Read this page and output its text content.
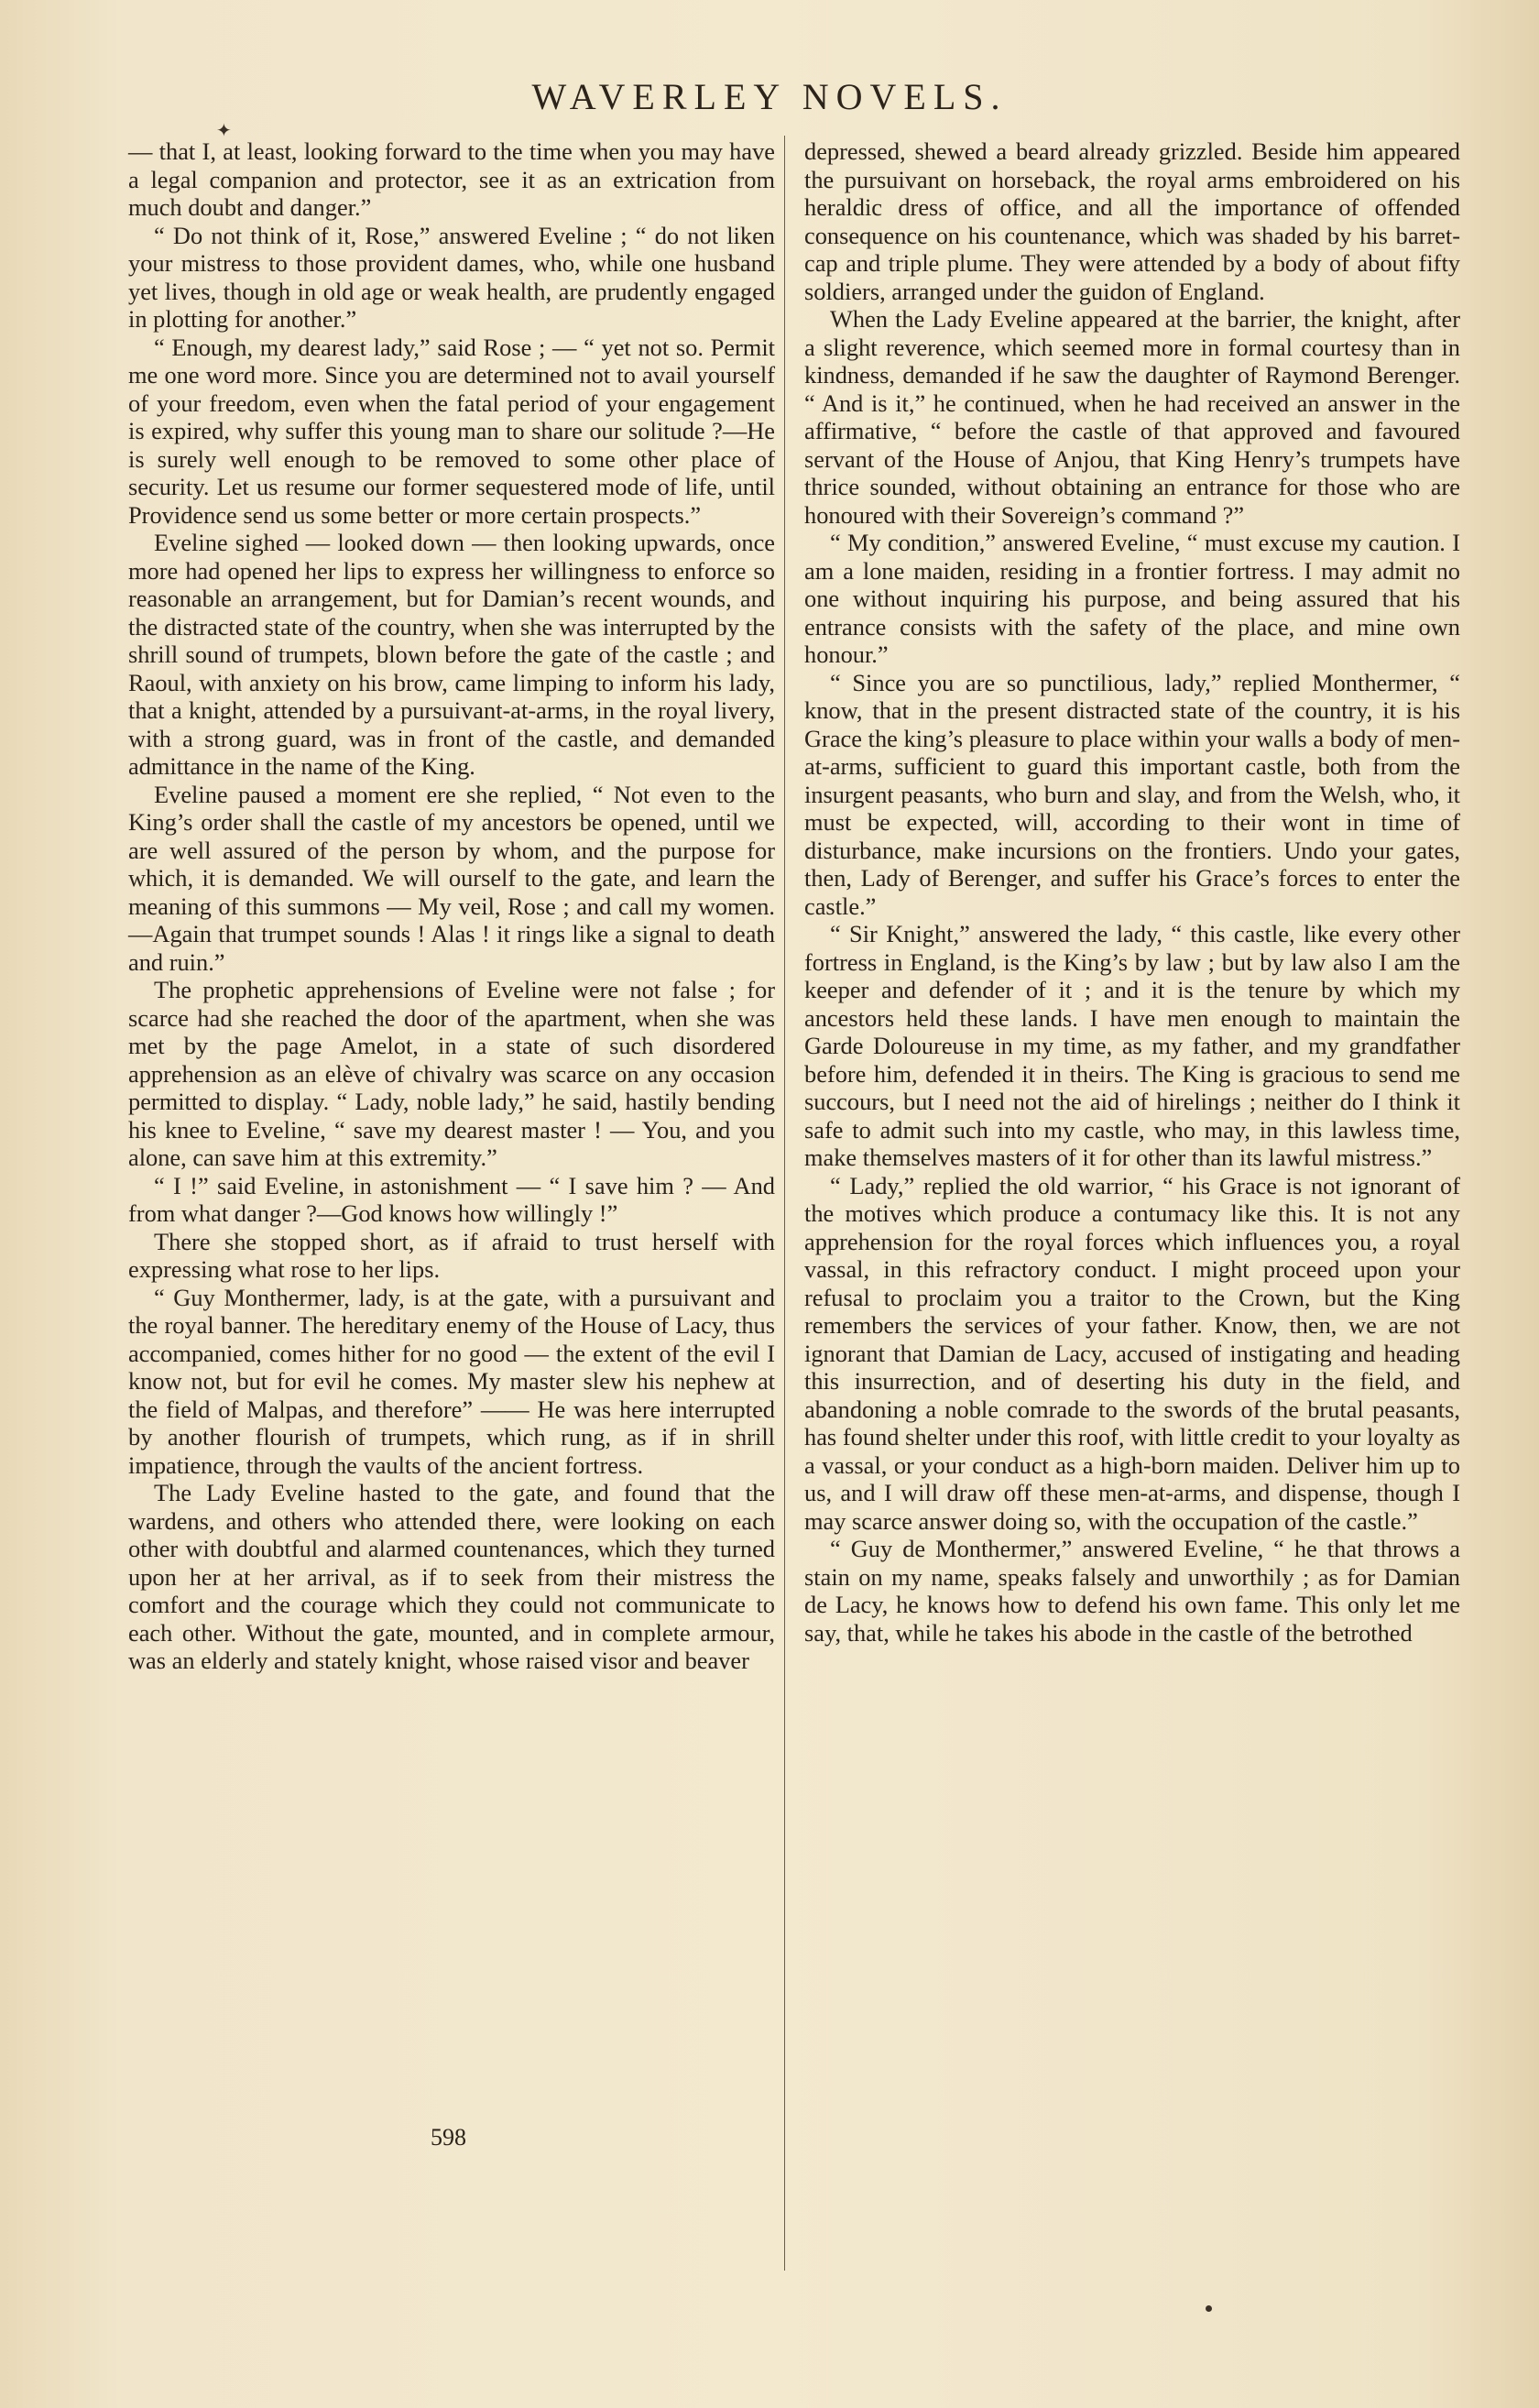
✦
WAVERLEY NOVELS.

— that I, at least, looking forward to the time when you may have a legal companion and protector, see it as an extrication from much doubt and danger.”

“ Do not think of it, Rose,” answered Eveline ; “ do not liken your mistress to those provident dames, who, while one husband yet lives, though in old age or weak health, are prudently engaged in plotting for another.”

“ Enough, my dearest lady,” said Rose ; — “ yet not so. Permit me one word more. Since you are determined not to avail yourself of your freedom, even when the fatal period of your engagement is expired, why suffer this young man to share our solitude ?—He is surely well enough to be removed to some other place of security. Let us resume our former sequestered mode of life, until Providence send us some better or more certain prospects.”

Eveline sighed — looked down — then looking upwards, once more had opened her lips to express her willingness to enforce so reasonable an arrangement, but for Damian’s recent wounds, and the distracted state of the country, when she was interrupted by the shrill sound of trumpets, blown before the gate of the castle ; and Raoul, with anxiety on his brow, came limping to inform his lady, that a knight, attended by a pursuivant-at-arms, in the royal livery, with a strong guard, was in front of the castle, and demanded admittance in the name of the King.

Eveline paused a moment ere she replied, “ Not even to the King’s order shall the castle of my ancestors be opened, until we are well assured of the person by whom, and the purpose for which, it is demanded. We will ourself to the gate, and learn the meaning of this summons — My veil, Rose ; and call my women.—Again that trumpet sounds ! Alas ! it rings like a signal to death and ruin.”

The prophetic apprehensions of Eveline were not false ; for scarce had she reached the door of the apartment, when she was met by the page Amelot, in a state of such disordered apprehension as an elève of chivalry was scarce on any occasion permitted to display. “ Lady, noble lady,” he said, hastily bending his knee to Eveline, “ save my dearest master ! — You, and you alone, can save him at this extremity.”

“ I !” said Eveline, in astonishment — “ I save him ? — And from what danger ?—God knows how willingly !”

There she stopped short, as if afraid to trust herself with expressing what rose to her lips.

“ Guy Monthermer, lady, is at the gate, with a pursuivant and the royal banner. The hereditary enemy of the House of Lacy, thus accompanied, comes hither for no good — the extent of the evil I know not, but for evil he comes. My master slew his nephew at the field of Malpas, and therefore” —— He was here interrupted by another flourish of trumpets, which rung, as if in shrill impatience, through the vaults of the ancient fortress.

The Lady Eveline hasted to the gate, and found that the wardens, and others who attended there, were looking on each other with doubtful and alarmed countenances, which they turned upon her at her arrival, as if to seek from their mistress the comfort and the courage which they could not communicate to each other. Without the gate, mounted, and in complete armour, was an elderly and stately knight, whose raised visor and beaver

depressed, shewed a beard already grizzled. Beside him appeared the pursuivant on horseback, the royal arms embroidered on his heraldic dress of office, and all the importance of offended consequence on his countenance, which was shaded by his barret-cap and triple plume. They were attended by a body of about fifty soldiers, arranged under the guidon of England.

When the Lady Eveline appeared at the barrier, the knight, after a slight reverence, which seemed more in formal courtesy than in kindness, demanded if he saw the daughter of Raymond Berenger. “ And is it,” he continued, when he had received an answer in the affirmative, “ before the castle of that approved and favoured servant of the House of Anjou, that King Henry’s trumpets have thrice sounded, without obtaining an entrance for those who are honoured with their Sovereign’s command ?”

“ My condition,” answered Eveline, “ must excuse my caution. I am a lone maiden, residing in a frontier fortress. I may admit no one without inquiring his purpose, and being assured that his entrance consists with the safety of the place, and mine own honour.”

“ Since you are so punctilious, lady,” replied Monthermer, “ know, that in the present distracted state of the country, it is his Grace the king’s pleasure to place within your walls a body of men-at-arms, sufficient to guard this important castle, both from the insurgent peasants, who burn and slay, and from the Welsh, who, it must be expected, will, according to their wont in time of disturbance, make incursions on the frontiers. Undo your gates, then, Lady of Berenger, and suffer his Grace’s forces to enter the castle.”

“ Sir Knight,” answered the lady, “ this castle, like every other fortress in England, is the King’s by law ; but by law also I am the keeper and defender of it ; and it is the tenure by which my ancestors held these lands. I have men enough to maintain the Garde Doloureuse in my time, as my father, and my grandfather before him, defended it in theirs. The King is gracious to send me succours, but I need not the aid of hirelings ; neither do I think it safe to admit such into my castle, who may, in this lawless time, make themselves masters of it for other than its lawful mistress.”

“ Lady,” replied the old warrior, “ his Grace is not ignorant of the motives which produce a contumacy like this. It is not any apprehension for the royal forces which influences you, a royal vassal, in this refractory conduct. I might proceed upon your refusal to proclaim you a traitor to the Crown, but the King remembers the services of your father. Know, then, we are not ignorant that Damian de Lacy, accused of instigating and heading this insurrection, and of deserting his duty in the field, and abandoning a noble comrade to the swords of the brutal peasants, has found shelter under this roof, with little credit to your loyalty as a vassal, or your conduct as a high-born maiden. Deliver him up to us, and I will draw off these men-at-arms, and dispense, though I may scarce answer doing so, with the occupation of the castle.”

“ Guy de Monthermer,” answered Eveline, “ he that throws a stain on my name, speaks falsely and unworthily ; as for Damian de Lacy, he knows how to defend his own fame. This only let me say, that, while he takes his abode in the castle of the betrothed

598
